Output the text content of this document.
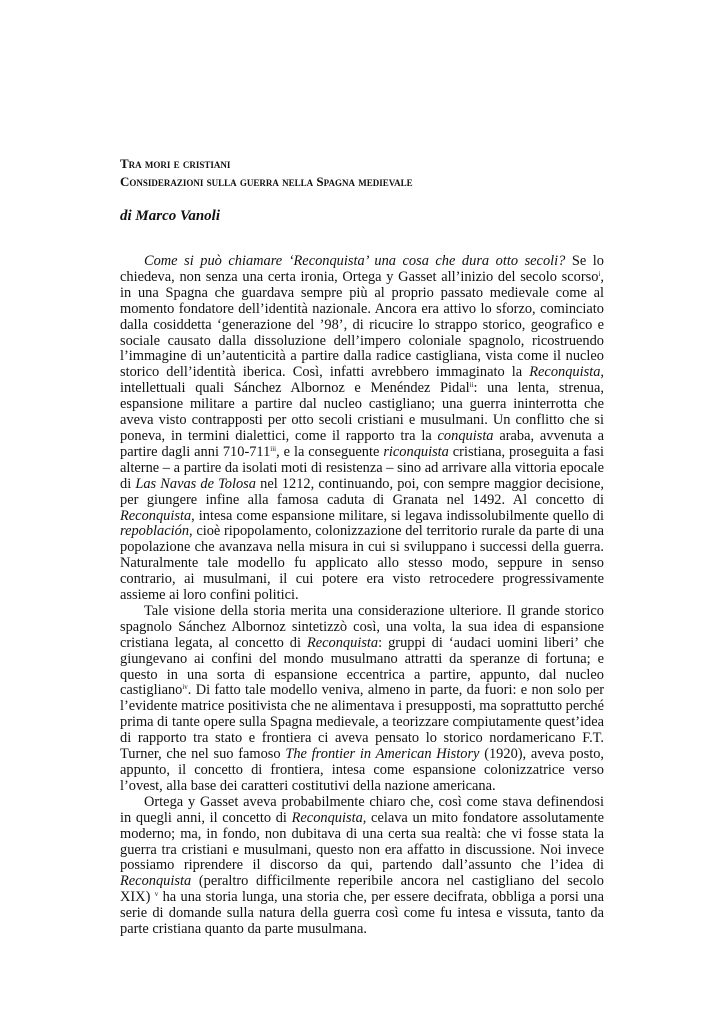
Tra mori e cristiani
Considerazioni sulla guerra nella Spagna medievale
di Marco Vanoli

Come si può chiamare ‘Reconquista’ una cosa che dura otto secoli? Se lo chiedeva, non senza una certa ironia, Ortega y Gasset all’inizio del secolo scorso$^i$, in una Spagna che guardava sempre più al proprio passato medievale come al momento fondatore dell’identità nazionale. Ancora era attivo lo sforzo, cominciato dalla cosiddetta ‘generazione del ’98’, di ricucire lo strappo storico, geografico e sociale causato dalla dissoluzione dell’impero coloniale spagnolo, ricostruendo l’immagine di un’autenticità a partire dalla radice castigliana, vista come il nucleo storico dell’identità iberica. Così, infatti avrebbero immaginato la Reconquista, intellettuali quali Sánchez Albornoz e Menéndez Pidal$^{ii}$: una lenta, strenua, espansione militare a partire dal nucleo castigliano; una guerra ininterrotta che aveva visto contrapposti per otto secoli cristiani e musulmani. Un conflitto che si poneva, in termini dialettici, come il rapporto tra la conquista araba, avvenuta a partire dagli anni 710-711$^{iii}$, e la conseguente riconquista cristiana, proseguita a fasi alterne – a partire da isolati moti di resistenza – sino ad arrivare alla vittoria epocale di Las Navas de Tolosa nel 1212, continuando, poi, con sempre maggior decisione, per giungere infine alla famosa caduta di Granata nel 1492. Al concetto di Reconquista, intesa come espansione militare, si legava indissolubilmente quello di repoblación, cioè ripopolamento, colonizzazione del territorio rurale da parte di una popolazione che avanzava nella misura in cui si sviluppano i successi della guerra. Naturalmente tale modello fu applicato allo stesso modo, seppure in senso contrario, ai musulmani, il cui potere era visto retrocedere progressivamente assieme ai loro confini politici.

Tale visione della storia merita una considerazione ulteriore. Il grande storico spagnolo Sánchez Albornoz sintetizzò così, una volta, la sua idea di espansione cristiana legata, al concetto di Reconquista: gruppi di ‘audaci uomini liberi’ che giungevano ai confini del mondo musulmano attratti da speranze di fortuna; e questo in una sorta di espansione eccentrica a partire, appunto, dal nucleo castigliano$^{iv}$. Di fatto tale modello veniva, almeno in parte, da fuori: e non solo per l’evidente matrice positivista che ne alimentava i presupposti, ma soprattutto perché prima di tante opere sulla Spagna medievale, a teorizzare compiutamente quest’idea di rapporto tra stato e frontiera ci aveva pensato lo storico nordamericano F.T. Turner, che nel suo famoso The frontier in American History (1920), aveva posto, appunto, il concetto di frontiera, intesa come espansione colonizzatrice verso l’ovest, alla base dei caratteri costitutivi della nazione americana.

Ortega y Gasset aveva probabilmente chiaro che, così come stava definendosi in quegli anni, il concetto di Reconquista, celava un mito fondatore assolutamente moderno; ma, in fondo, non dubitava di una certa sua realtà: che vi fosse stata la guerra tra cristiani e musulmani, questo non era affatto in discussione. Noi invece possiamo riprendere il discorso da qui, partendo dall’assunto che l’idea di Reconquista (peraltro difficilmente reperibile ancora nel castigliano del secolo XIX) $^v$ ha una storia lunga, una storia che, per essere decifrata, obbliga a porsi una serie di domande sulla natura della guerra così come fu intesa e vissuta, tanto da parte cristiana quanto da parte musulmana.
